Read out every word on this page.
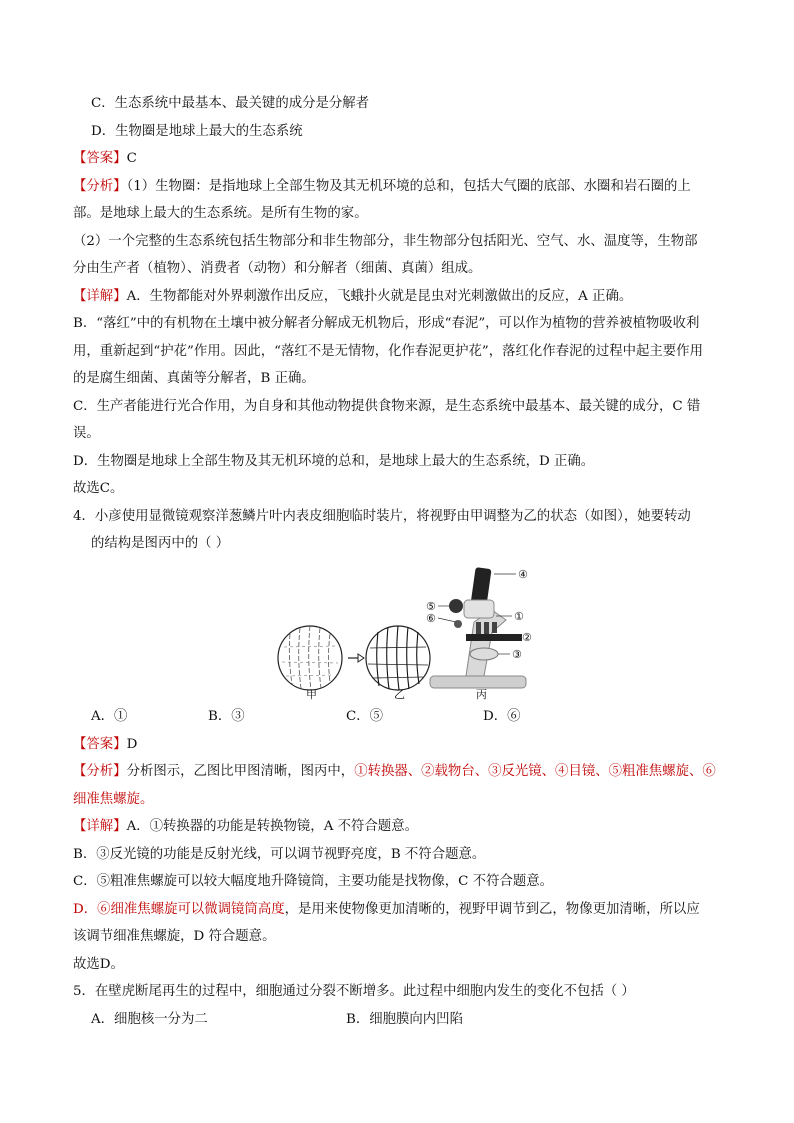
C．生态系统中最基本、最关键的成分是分解者
D．生物圈是地球上最大的生态系统
【答案】C
【分析】（1）生物圈：是指地球上全部生物及其无机环境的总和，包括大气圈的底部、水圈和岩石圈的上
部。是地球上最大的生态系统。是所有生物的家。
（2）一个完整的生态系统包括生物部分和非生物部分，非生物部分包括阳光、空气、水、温度等，生物部
分由生产者（植物）、消费者（动物）和分解者（细菌、真菌）组成。
【详解】A．生物都能对外界刺激作出反应，飞蛾扑火就是昆虫对光刺激做出的反应，A 正确。
B．“落红”中的有机物在土壤中被分解者分解成无机物后，形成“春泥”，可以作为植物的营养被植物吸收利
用，重新起到“护花”作用。因此，“落红不是无情物，化作春泥更护花”，落红化作春泥的过程中起主要作用
的是腐生细菌、真菌等分解者，B 正确。
C．生产者能进行光合作用，为自身和其他动物提供食物来源，是生态系统中最基本、最关键的成分，C 错
误。
D．生物圈是地球上全部生物及其无机环境的总和，是地球上最大的生态系统，D 正确。
故选C。
4．小彦使用显微镜观察洋葱鳞片叶内表皮细胞临时装片，将视野由甲调整为乙的状态（如图），她要转动
的结构是图丙中的（ ）
④
⑤
⑥	①
②
③
甲	乙	丙
A．①	B．③	C．⑤	D．⑥
【答案】D
【分析】分析图示，乙图比甲图清晰，图丙中，①转换器、②载物台、③反光镜、④目镜、⑤粗准焦螺旋、⑥
细准焦螺旋。
【详解】A．①转换器的功能是转换物镜，A 不符合题意。
B．③反光镜的功能是反射光线，可以调节视野亮度，B 不符合题意。
C．⑤粗准焦螺旋可以较大幅度地升降镜筒，主要功能是找物像，C 不符合题意。
D．⑥细准焦螺旋可以微调镜筒高度，是用来使物像更加清晰的，视野甲调节到乙，物像更加清晰，所以应
该调节细准焦螺旋，D 符合题意。
故选D。
5．在壁虎断尾再生的过程中，细胞通过分裂不断增多。此过程中细胞内发生的变化不包括（ ）
A．细胞核一分为二	B．细胞膜向内凹陷
